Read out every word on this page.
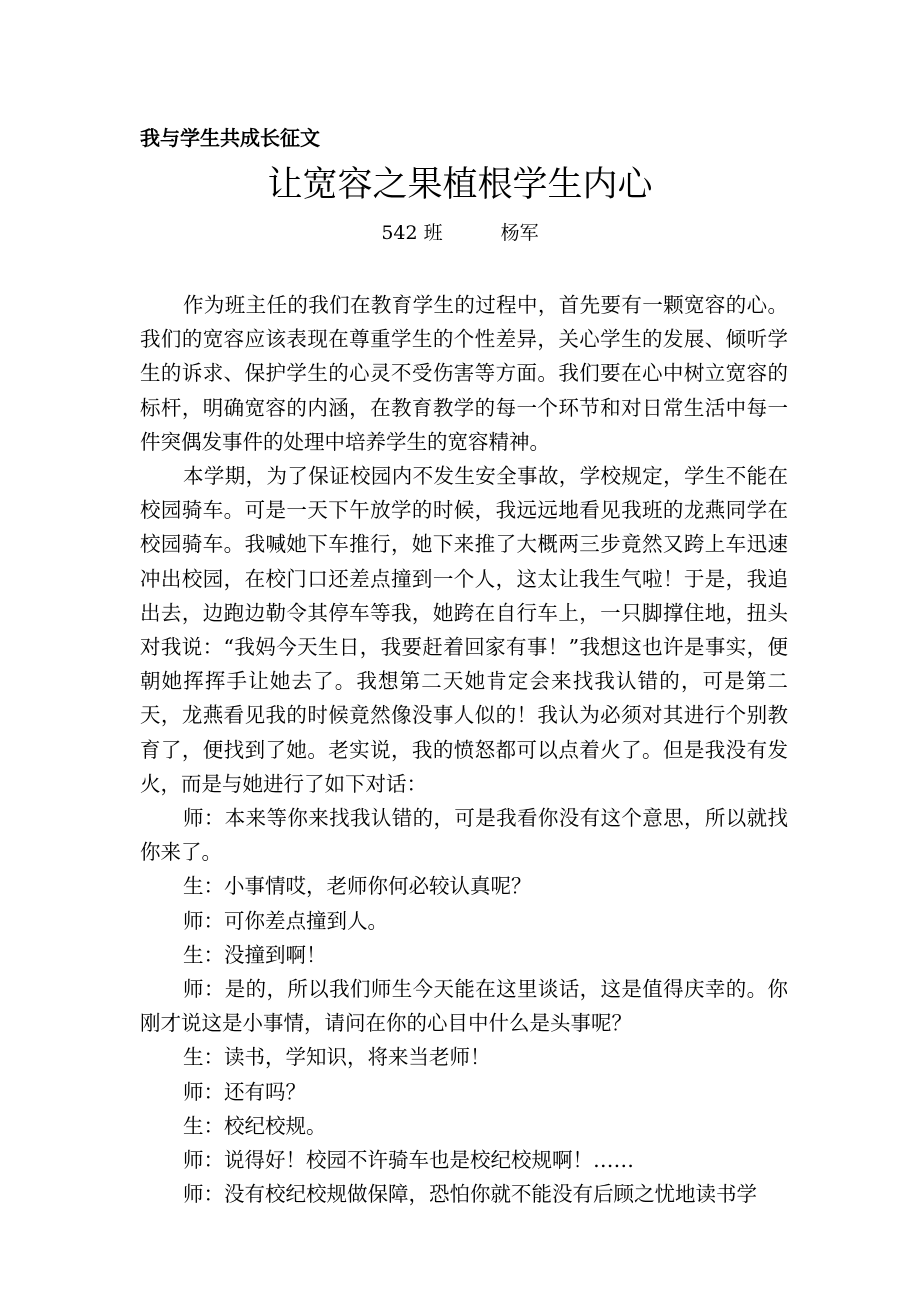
我与学生共成长征文
让宽容之果植根学生内心
542 班	杨军

作为班主任的我们在教育学生的过程中，首先要有一颗宽容的心。我们的宽容应该表现在尊重学生的个性差异，关心学生的发展、倾听学生的诉求、保护学生的心灵不受伤害等方面。我们要在心中树立宽容的标杆，明确宽容的内涵，在教育教学的每一个环节和对日常生活中每一件突偶发事件的处理中培养学生的宽容精神。

本学期，为了保证校园内不发生安全事故，学校规定，学生不能在校园骑车。可是一天下午放学的时候，我远远地看见我班的龙燕同学在校园骑车。我喊她下车推行，她下来推了大概两三步竟然又跨上车迅速冲出校园，在校门口还差点撞到一个人，这太让我生气啦！于是，我追出去，边跑边勒令其停车等我，她跨在自行车上，一只脚撑住地，扭头对我说：“我妈今天生日，我要赶着回家有事！”我想这也许是事实，便朝她挥挥手让她去了。我想第二天她肯定会来找我认错的，可是第二天，龙燕看见我的时候竟然像没事人似的！我认为必须对其进行个别教育了，便找到了她。老实说，我的愤怒都可以点着火了。但是我没有发火，而是与她进行了如下对话：

师：本来等你来找我认错的，可是我看你没有这个意思，所以就找你来了。

生：小事情哎，老师你何必较认真呢？

师：可你差点撞到人。

生：没撞到啊！

师：是的，所以我们师生今天能在这里谈话，这是值得庆幸的。你刚才说这是小事情，请问在你的心目中什么是头事呢？

生：读书，学知识，将来当老师！

师：还有吗？

生：校纪校规。

师：说得好！校园不许骑车也是校纪校规啊！……

师：没有校纪校规做保障，恐怕你就不能没有后顾之忧地读书学
